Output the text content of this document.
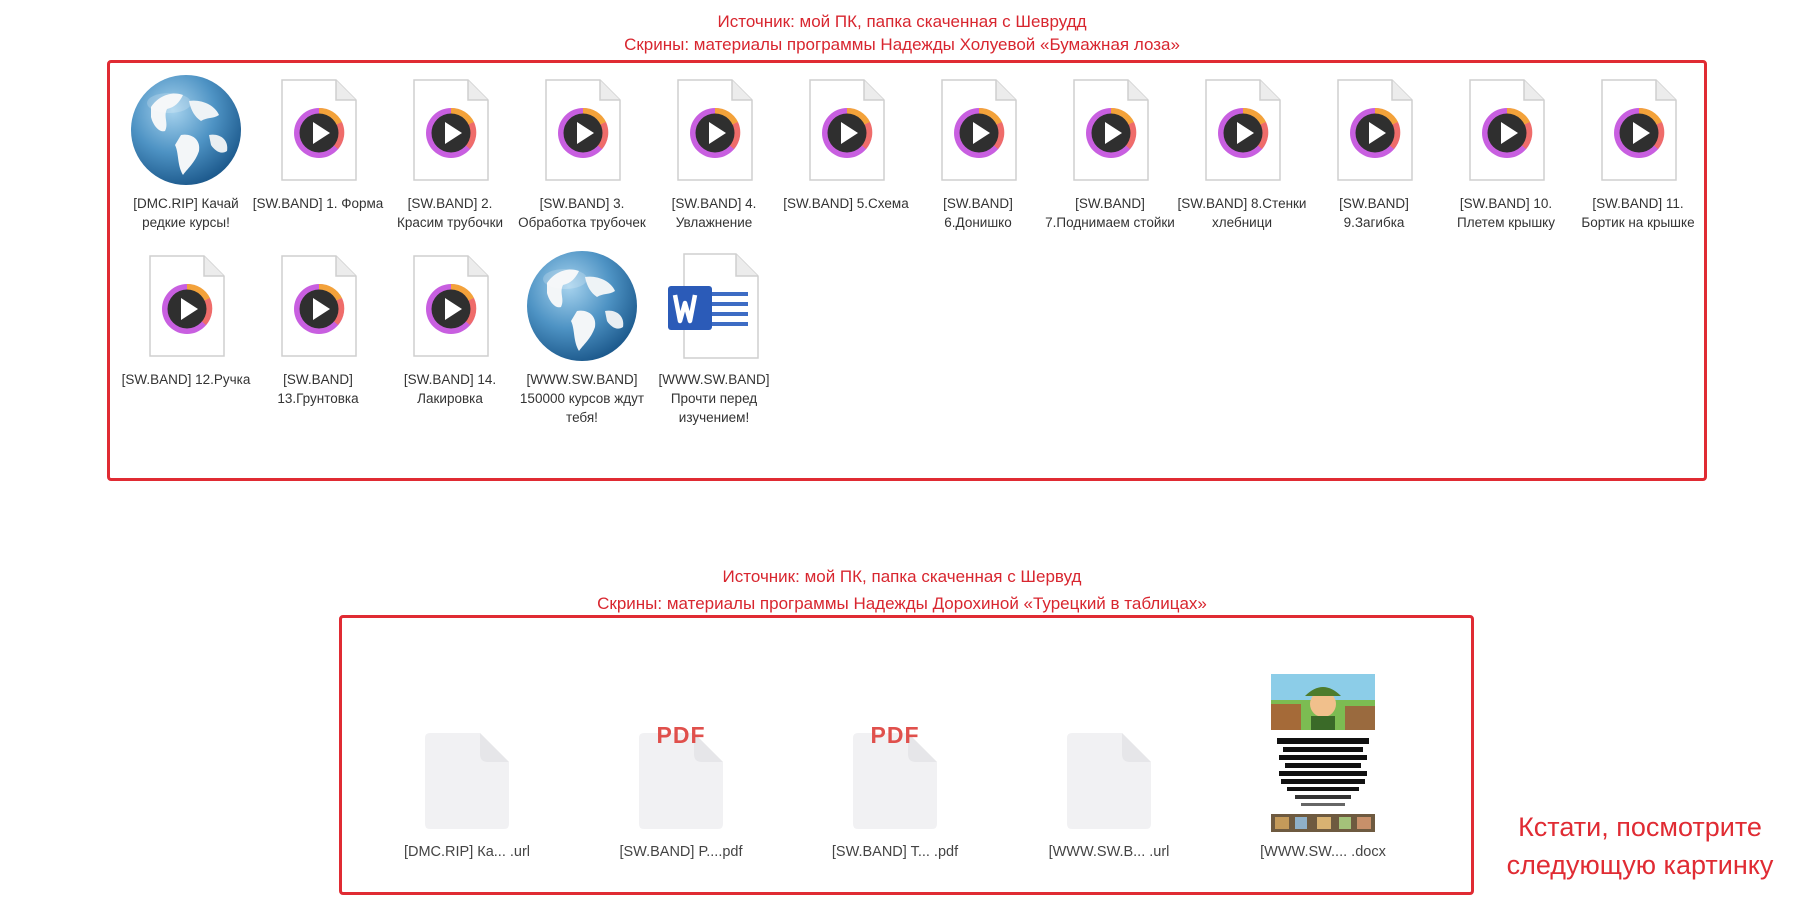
Источник: мой ПК, папка скаченная с Шеврудд
Скрины: материалы программы Надежды Холуевой «Бумажная лоза»
[DMC.RIP] Качай редкие курсы!
[SW.BAND] 1. Форма	[SW.BAND] 2. Красим трубочки
[SW.BAND] 3. Обработка трубочек
[SW.BAND] 4. Увлажнение
[SW.BAND] 5.Схема	[SW.BAND] 6.Донишко
[SW.BAND] 7.Поднимаем стойки
[SW.BAND] 8.Стенки хлебници
[SW.BAND] 9.Загибка
[SW.BAND] 10. Плетем крышку
[SW.BAND] 11. Бортик на крышке
[SW.BAND] 12.Ручка	[SW.BAND] 13.Грунтовка
[SW.BAND] 14. Лакировка
[WWW.SW.BAND] 150000 курсов ждут тебя!
[WWW.SW.BAND] Прочти перед изучением!
Источник: мой ПК, папка скаченная с Шервуд
Скрины: материалы программы Надежды Дорохиной «Турецкий в таблицах»
[DMC.RIP] Ка... .url
PDF
[SW.BAND] P....pdf
PDF
[SW.BAND] T... .pdf	[WWW.SW.B... .url	[WWW.SW.... .docx
Кстати, посмотрите
следующую картинку
